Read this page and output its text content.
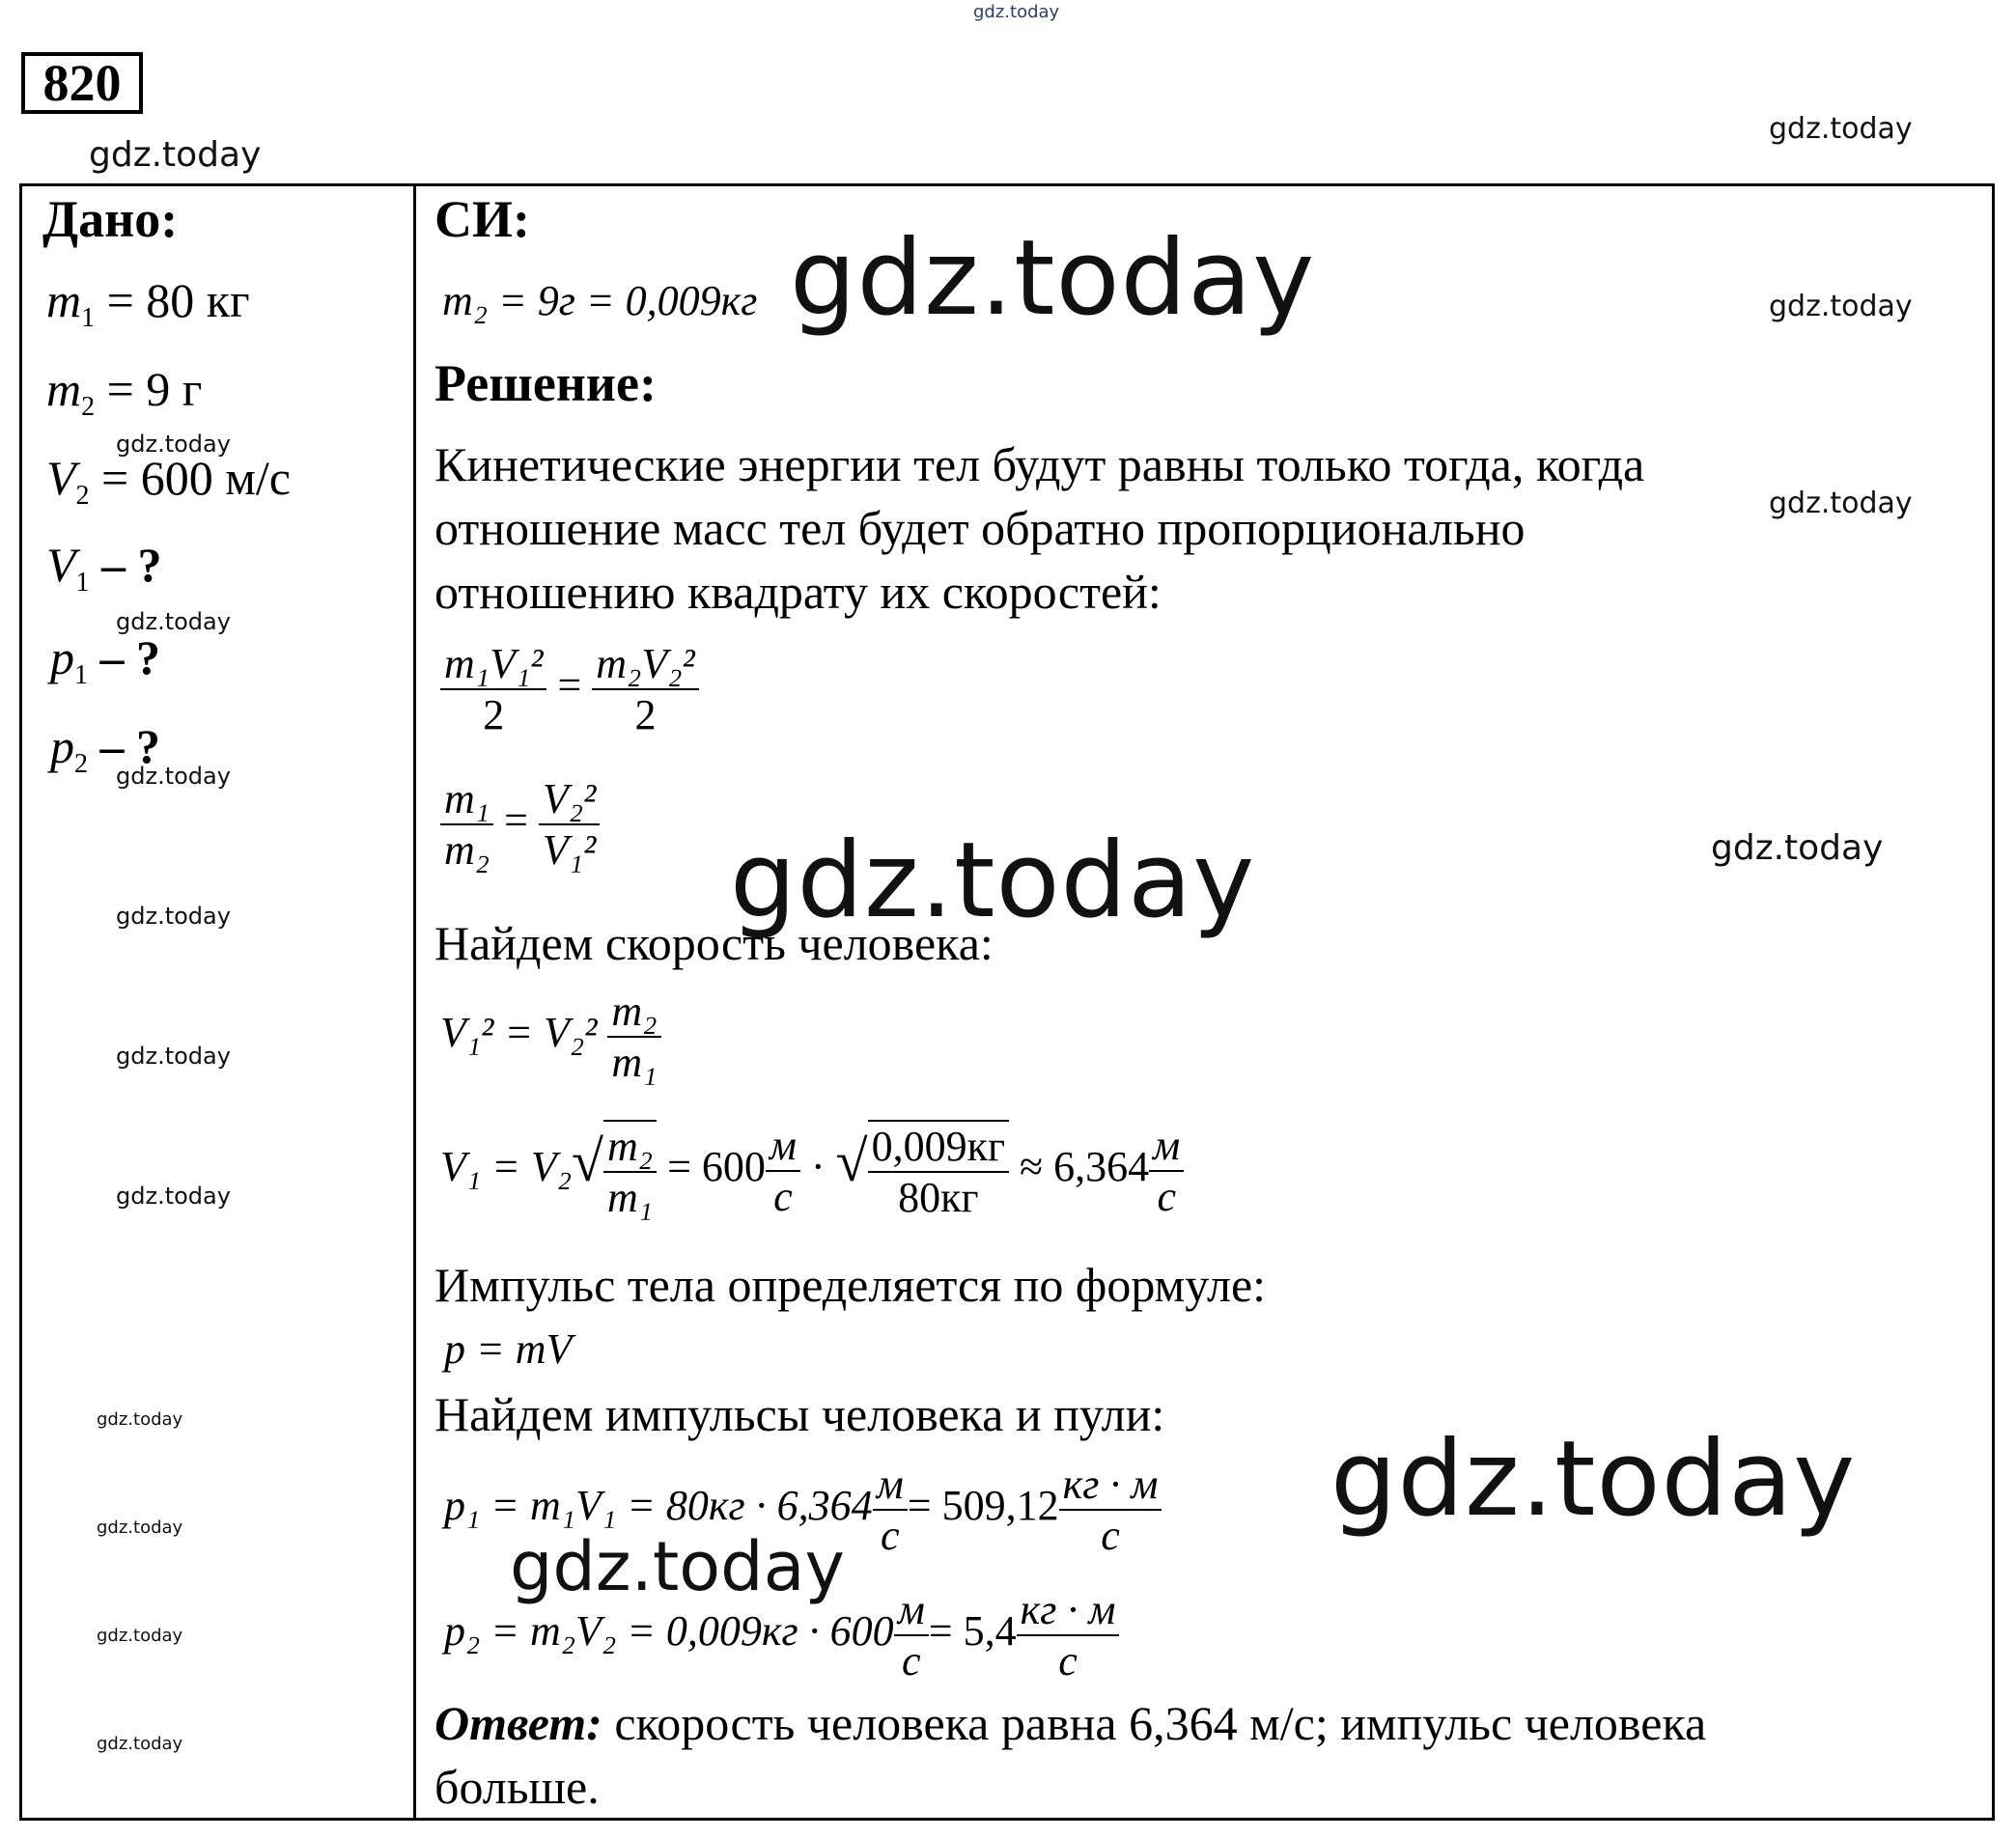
gdz.today
gdz.today
gdz.today
gdz.today
gdz.today
gdz.today
gdz.today
gdz.today
gdz.today
gdz.today
gdz.today
gdz.today
gdz.today
gdz.today
gdz.today
gdz.today
820
Дано:
$m_1 = 80$ кг
$m_2 = 9$ г
$V_2 = 600$ м/с
$V_1$ – ?
$p_1$ – ?
$p_2$ – ?
СИ:
m₂ = 9г = 0,009кг gdz.today
Решение:
Кинетические энергии тел будут равны только тогда, когда
отношение масс тел будет обратно пропорционально
отношению квадрату их скоростей:
$\frac{\text{m₁V₁²}}{2} = \frac{\text{m₂V₂²}}{2}$
$\frac{\text{m₁}}{\text{m₂}} = \frac{\text{V₂²}}{\text{V₁²}}$ gdz.today
Найдем скорость человека:
$V_1^2 = V_2^2 \frac{\text{m₂}}{\text{m₁}}$
$V_1 = V_2√ \frac{\text{m₂}}{\text{m₁}} = 600 \frac{м}{с}$ · √ $\frac{0,009кг}{80кг} \approx 6,364 \frac{м}{с}$
Импульс тела определяется по формуле:
p = mV
Найдем импульсы человека и пули:
gdz.today
$p_1 = m_1V_1 = 80кг \cdot 6,364 \frac{м}{с} = 509,12 \frac{кг \cdot м}{с}$
gdz.today
$p_2 = m_2V_2 = 0,009кг \cdot 600 \frac{м}{с} = 5,4 \frac{кг \cdot м}{с}$
Ответ: скорость человека равна 6,364 м/с; импульс человека
больше.
